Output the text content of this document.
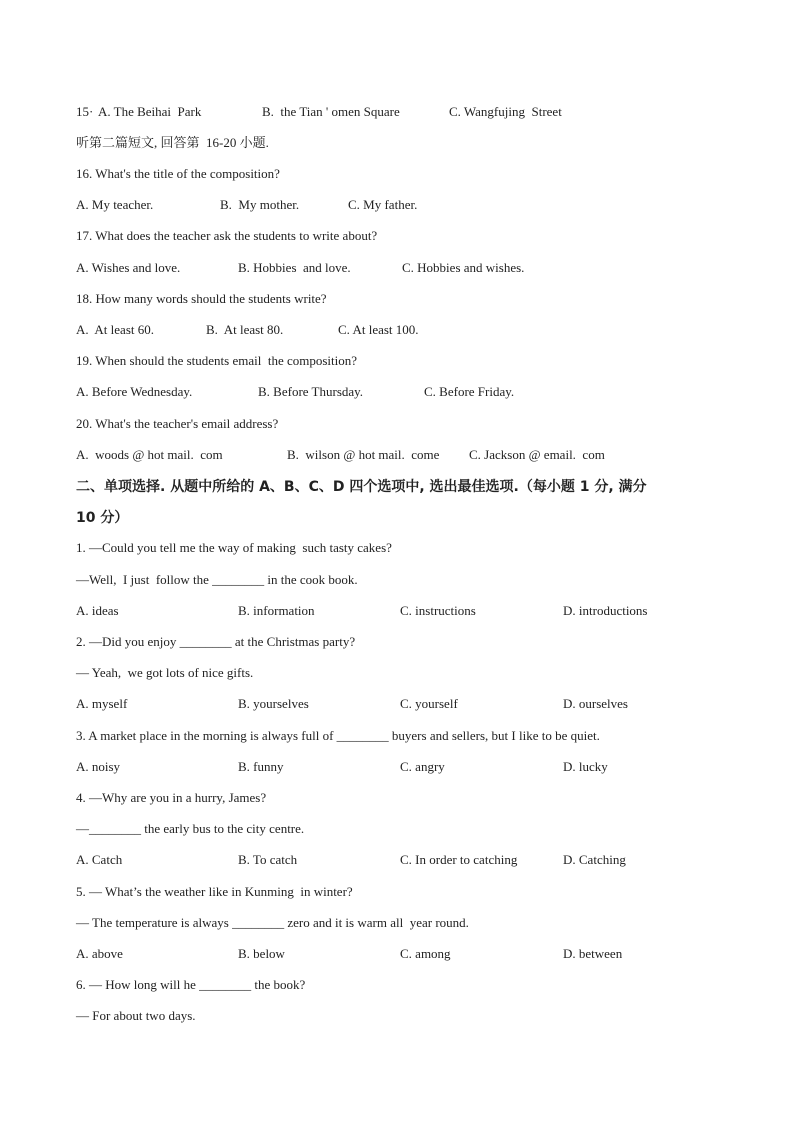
15· A. The Beihai  Park	B.  the Tian ' omen Square	C. Wangfujing  Street
听第二篇短文, 回答第  16-20 小题.
16. What's the title of the composition?
A. My teacher.	B.  My mother.	C. My father.
17. What does the teacher ask the students to write about?
A. Wishes and love.	B. Hobbies  and love.	C. Hobbies and wishes.
18. How many words should the students write?
A.  At least 60.	B.  At least 80.	C. At least 100.
19. When should the students email  the composition?
A. Before Wednesday.	B. Before Thursday.	C. Before Friday.
20. What's the teacher's email address?
A.  woods @ hot mail.  com	B.  wilson @ hot mail.  come C. Jackson @ email.  com
二、单项选择. 从题中所给的 A、B、C、D 四个选项中, 选出最佳选项.（每小题 1 分, 满分
10 分）
1. —Could you tell me the way of making  such tasty cakes?
—Well,  I just  follow the ________ in the cook book.
A. ideas	B. information	C. instructions	D. introductions
2. —Did you enjoy ________ at the Christmas party?
— Yeah,  we got lots of nice gifts.
A. myself	B. yourselves	C. yourself	D. ourselves
3. A market place in the morning is always full of ________ buyers and sellers, but I like to be quiet.
A. noisy	B. funny	C. angry	D. lucky
4. —Why are you in a hurry, James?
—________ the early bus to the city centre.
A. Catch	B. To catch	C. In order to catching	D. Catching
5. — What’s the weather like in Kunming  in winter?
— The temperature is always ________ zero and it is warm all  year round.
A. above	B. below	C. among	D. between
6. — How long will he ________ the book?
— For about two days.
